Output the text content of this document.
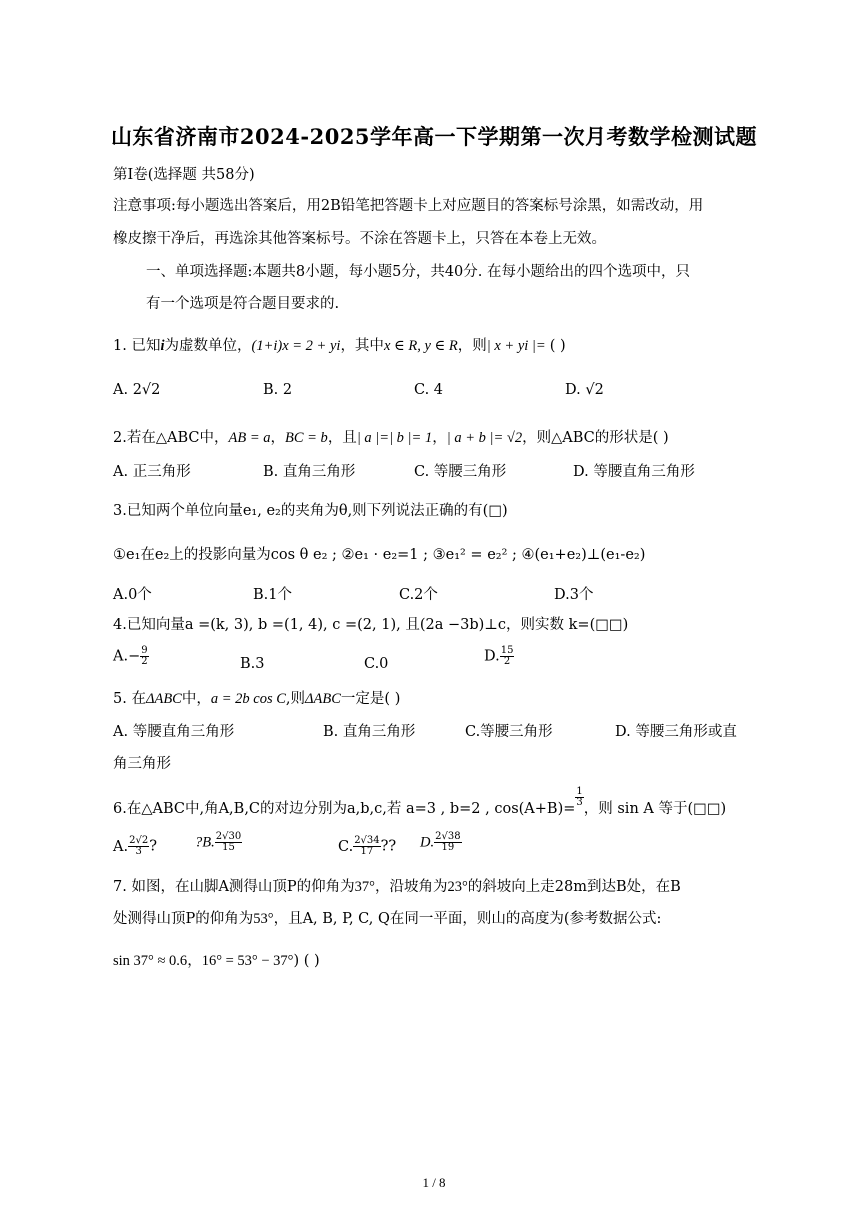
山东省济南市2024-2025学年高一下学期第一次月考数学检测试题
第I卷(选择题 共58分)
注意事项:每小题选出答案后，用2B铅笔把答题卡上对应题目的答案标号涂黑，如需改动，用
橡皮擦干净后，再选涂其他答案标号。不涂在答题卡上，只答在本卷上无效。
一、单项选择题:本题共8小题，每小题5分，共40分. 在每小题给出的四个选项中，只
有一个选项是符合题目要求的.
1. 已知i为虚数单位，(1+i)x = 2 + yi，其中x ∈ R, y ∈ R，则| x + yi |= ( )
A. 2√2	B. 2	C. 4	D. √2
2.若在△ABC中，AB = a，BC = b，且| a |=| b |= 1，| a + b |= √2，则△ABC的形状是( )
A. 正三角形	B. 直角三角形	C. 等腰三角形	D. 等腰直角三角形
3.已知两个单位向量e₁, e₂的夹角为θ,则下列说法正确的有(□)
①e₁在e₂上的投影向量为cos θ e₂ ; ②e₁ · e₂=1 ; ③e₁² = e₂² ; ④(e₁+e₂)⊥(e₁-e₂)
A.0个	B.1个	C.2个	D.3个
4.已知向量a =(k, 3), b =(1, 4), c =(2, 1), 且(2a −3b)⊥c，则实数 k=(□□)
$A.- \frac{9}{2}$	B.3	C.0	D. $\frac{15}{2}$
5. 在ΔABC中，a = 2b cos C,则ΔABC一定是( )
A. 等腰直角三角形	B. 直角三角形	C.等腰三角形	D. 等腰三角形或直
角三角形
6.在△ABC中,角A,B,C的对边分别为a,b,c,若 a=3 , b=2 , cos(A+B)=
$\frac{1}{3}$
，则 sin A 等于(□□)
A. $\frac{2√2}{3}$ ?	?B. $\frac{2√30}{15}$	C. $\frac{2√34}{17}$ ?? D. $\frac{2√38}{19}$
7. 如图，在山脚A测得山顶P的仰角为37°，沿坡角为23°的斜坡向上走28m到达B处，在B
处测得山顶P的仰角为53°，且A, B, P, C, Q在同一平面，则山的高度为(参考数据公式:
sin 37° ≈ 0.6，16° = 53° − 37°) ( )
1 / 8
